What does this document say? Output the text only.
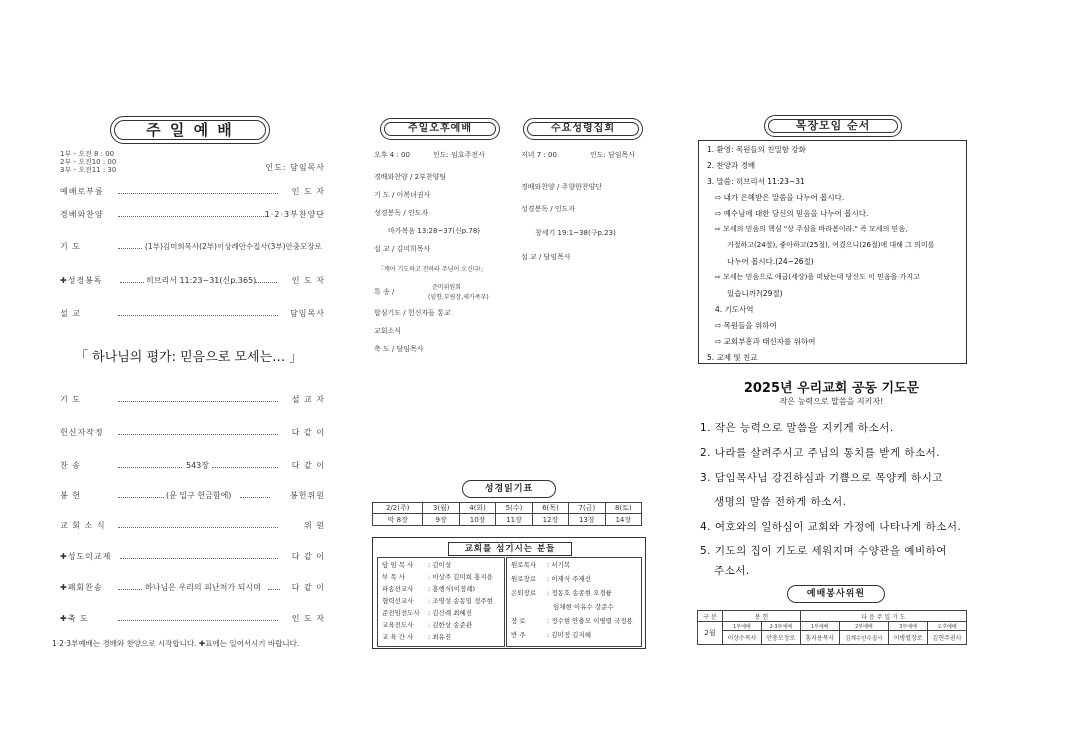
주 일 예 배
1부 - 오전 8 : 00
2부 - 오전10 : 00
3부 - 오전11 : 30	인도: 담임목사
예배로부름	인 도 자
경배와찬양	1·2·3부찬양단
기 도	(1부)김미희목사(2부)이상례안수집사(3부)안충모장로
✚성경봉독	히브리서 11:23~31(신p.365)	인 도 자
설 교	담임목사
「 하나님의 평가: 믿음으로 모세는… 」
기 도	설 교 자
헌신자작정	다 같 이
찬 송	543장	다 같 이
봉 헌	(문 입구 헌금함에)	봉헌위원
교 회 소 식	위 원
✚성도의교제	다 같 이
✚폐회찬송	하나님은 우리의 피난처가 되시며	다 같 이
✚축 도	인 도 자
1·2·3부예배는 경배와 찬양으로 시작합니다. ✚표에는 일어서시기 바랍니다.
주일오후예배	수요성령집회
오후 4 : 00	인도: 임효주전사
경배와찬양 / 2부찬양팀
기 도 / 이복녀권사
성경봉독 / 인도자
마가복음 13:28~37(신p.78)
설 교 / 김미희목사
「깨어 기도하고 전하라 주님이 오신다!」
특 송 /
준비위원회
(임향,부림장,새가족부)
합심기도 / 헌신자들 통교
교회소식
축 도 / 담임목사
저녁 7 : 00	인도: 담임목사
경배와찬양 / 주향한찬양단
성경봉독 / 인도자
창세기 19:1~38(구p.23)
설 교 / 담임목사
성경읽기표
2/2(주)	3(월)	4(화)	5(수)	6(목)	7(금)	8(토)
막 8장	9장	10장	11장	12장	13장	14장
교회를 섬기시는 분들
담 임 목 사 : 김이성
부 목 사	: 이상주 김미희 홍지용
파송선교사 : 홍행식(이정례)
협력선교사 : 조영성 송동일 정주현
준전임전도사 : 김신례 최혜진
교육전도사 : 김한상 송준관
교 육 간 사 : 최유진
원로목사 : 서기복
원로장로 : 이재식 주재선
은퇴장로 : 정동호 송종현 오경륭
임채현 이유수 강준수
장 로	: 정수현 안충모 이병렬 국정용
반 주	: 김미정 김지혜
목장모임 순서
1. 환영: 목원들의 친밀함 강화
2. 찬양과 경배
3. 말씀: 히브리서 11:23~31
⇨ 내가 은혜받은 말씀을 나누어 봅시다.
⇨ 예수님에 대한 당신의 믿음을 나누어 봅시다.
⇨ 모세의 믿음의 핵심 "상 주심을 바라봄이라." 즉 모세의 믿음,
거절하고(24절), 좋아하고(25절), 여겼으니(26절)에 대해 그 의미를
나누어 봅시다.(24~26절)
⇨ 모세는 믿음으로 애굽(세상)을 떠났는데 당신도 이 믿음을 가지고
있습니까?(29절)
4. 기도사역
⇨ 목원들을 위하여
⇨ 교회부흥과 태신자를 위하여
5. 교제 및 친교
2025년 우리교회 공동 기도문
작은 능력으로 말씀을 지키자!
1. 작은 능력으로 말씀을 지키게 하소서.
2. 나라를 살려주시고 주님의 통치를 받게 하소서.
3. 담임목사님 강건하심과 기쁨으로 목양케 하시고
생명의 말씀 전하게 하소서.
4. 여호와의 일하심이 교회와 가정에 나타나게 하소서.
5. 기도의 집이 기도로 세워지며 수양관을 예비하여
주소서.
예배봉사위원
구 분	봉 헌		다 음 주 일 기 도			
2월	1부예배	2·3부예배	1부예배	2부예배	3부예배	오후예배
	이상수목사	안충모장로	홍지용목사	김계수안수집사	이병렬장로	김현주권사
